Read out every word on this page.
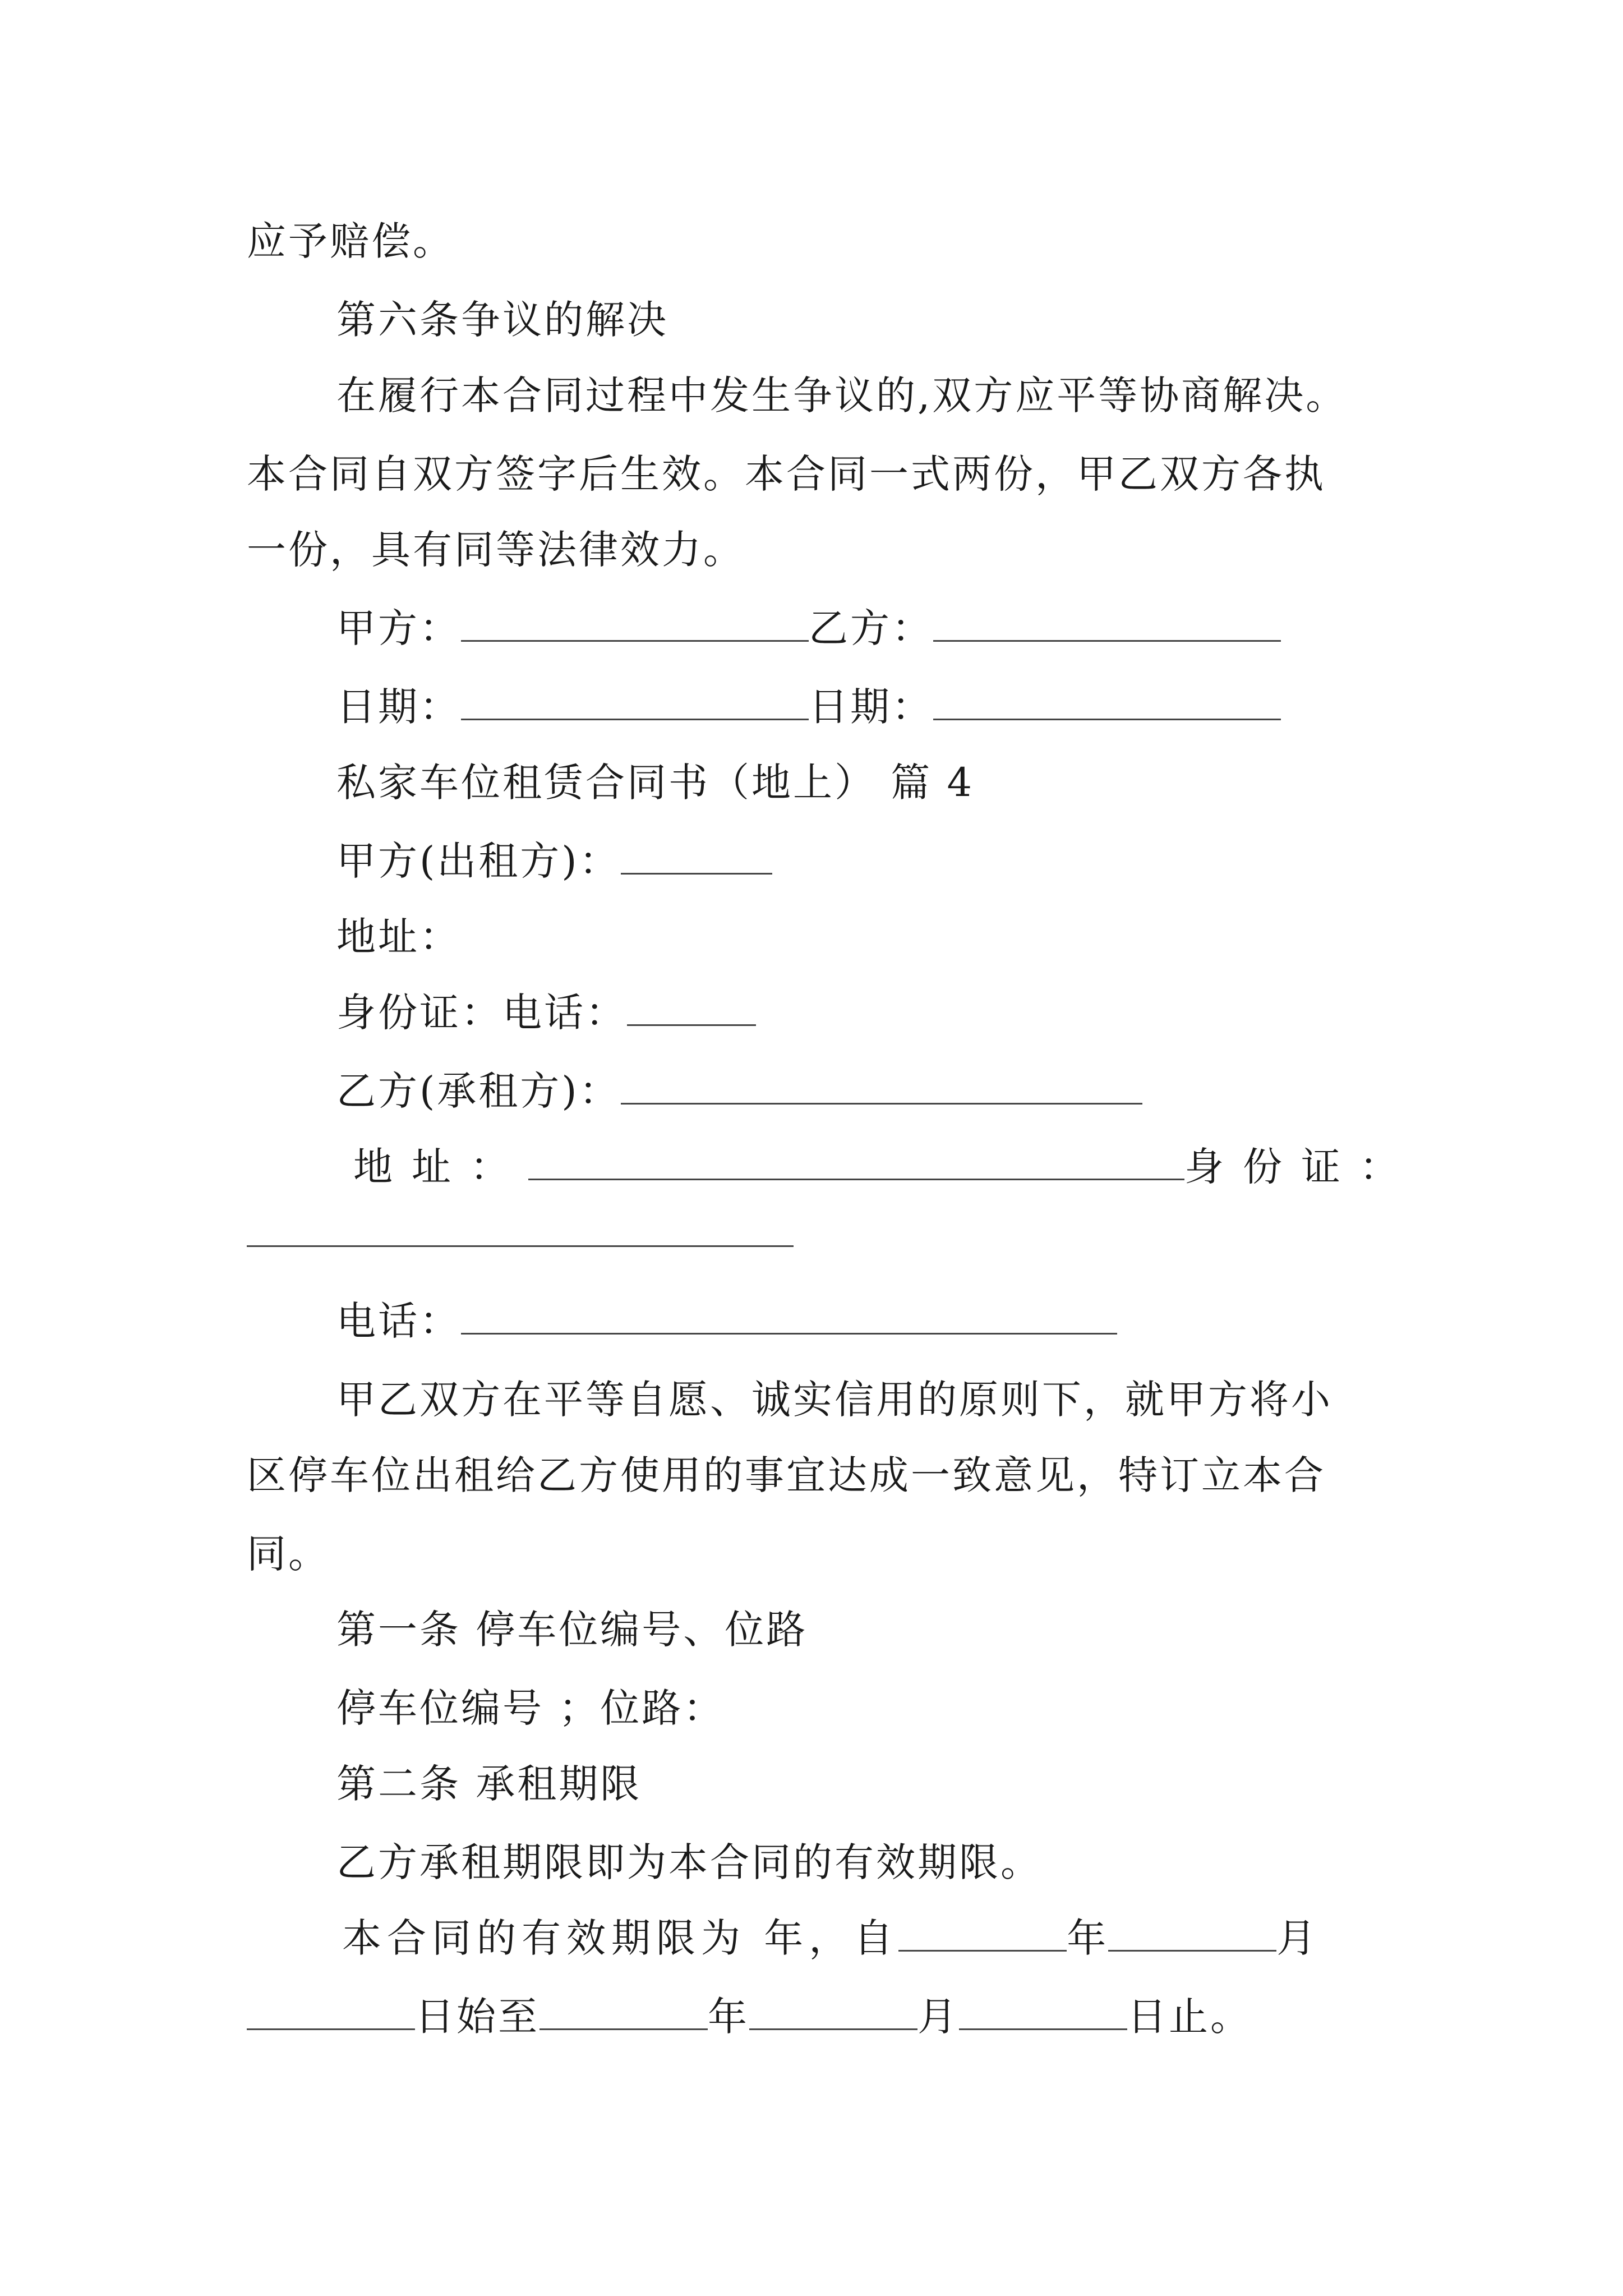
应予赔偿。
第六条争议的解决
在履行本合同过程中发生争议的,双方应平等协商解决。
本合同自双方签字后生效。本合同一式两份，甲乙双方各执
一份，具有同等法律效力。
甲方：	乙方：
日期：	日期：
私家车位租赁合同书（地上） 篇 4
甲方(出租方)：
地址：
身份证：电话：
乙方(承租方)：
地址：	身份证：
电话：
甲乙双方在平等自愿、诚实信用的原则下，就甲方将小
区停车位出租给乙方使用的事宜达成一致意见，特订立本合
同。
第一条 停车位编号、位路
停车位编号 ；位路：
第二条 承租期限
乙方承租期限即为本合同的有效期限。
本合同的有效期限为 年，自	年	月
日始至	年	月	日止。
